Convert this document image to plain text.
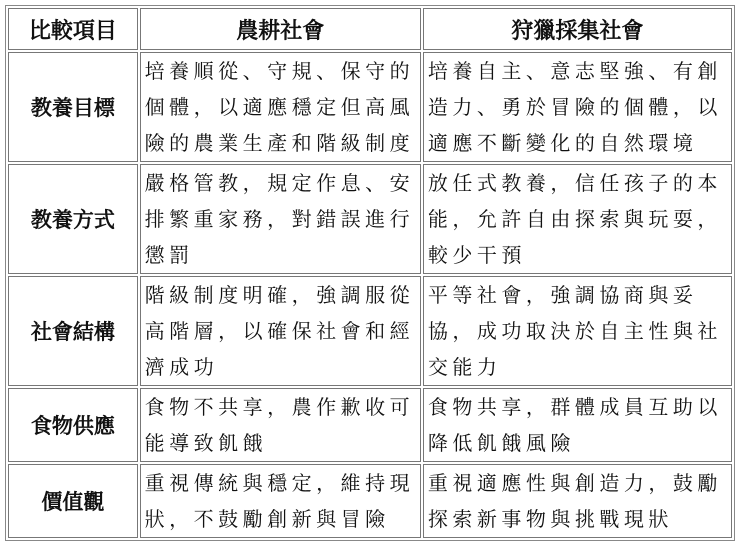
比較項目	農耕社會	狩獵採集社會
教養目標	培養順從、守規、保守的個體，以適應穩定但高風險的農業生產和階級制度	培養自主、意志堅強、有創造力、勇於冒險的個體，以適應不斷變化的自然環境
教養方式	嚴格管教，規定作息、安排繁重家務，對錯誤進行懲罰	放任式教養，信任孩子的本能，允許自由探索與玩耍，較少干預
社會結構	階級制度明確，強調服從高階層，以確保社會和經濟成功	平等社會，強調協商與妥協，成功取決於自主性與社交能力
食物供應	食物不共享，農作歉收可能導致飢餓	食物共享，群體成員互助以降低飢餓風險
價值觀	重視傳統與穩定，維持現狀，不鼓勵創新與冒險	重視適應性與創造力，鼓勵探索新事物與挑戰現狀
